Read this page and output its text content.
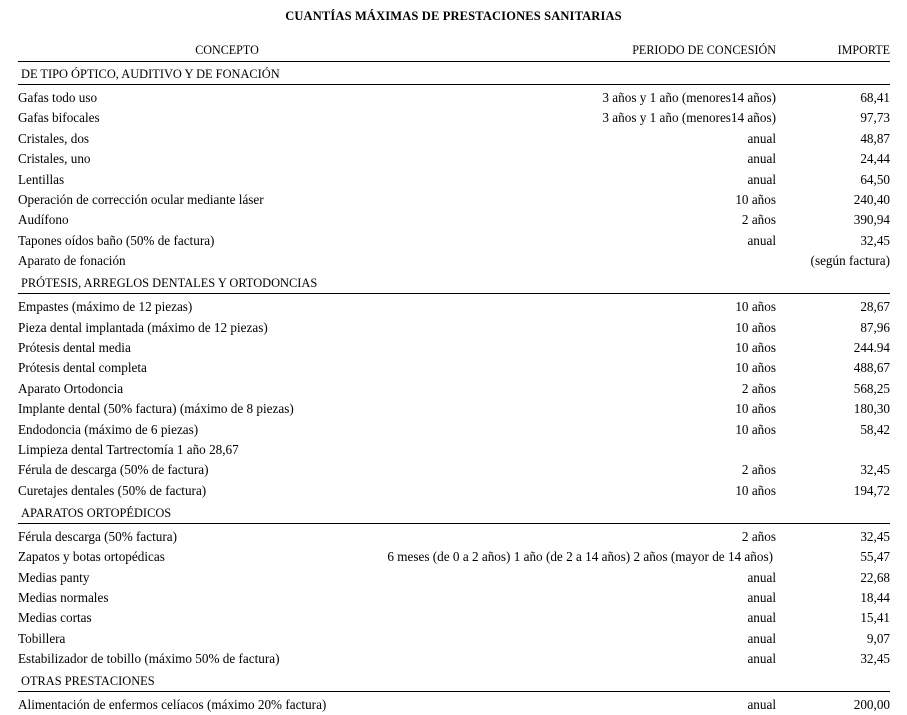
CUANTÍAS MÁXIMAS DE PRESTACIONES SANITARIAS
CONCEPTO	PERIODO DE CONCESIÓN	IMPORTE
DE TIPO ÓPTICO, AUDITIVO Y DE FONACIÓN		
Gafas todo uso	3 años y 1 año (menores14 años)	68,41
Gafas bifocales	3 años y 1 año (menores14 años)	97,73
Cristales, dos	anual	48,87
Cristales, uno	anual	24,44
Lentillas	anual	64,50
Operación de corrección ocular mediante láser	10 años	240,40
Audífono	2 años	390,94
Tapones oídos baño (50% de factura)	anual	32,45
Aparato de fonación		(según factura)
PRÓTESIS, ARREGLOS DENTALES Y ORTODONCIAS		
Empastes (máximo de 12 piezas)	10 años	28,67
Pieza dental implantada (máximo de 12 piezas)	10 años	87,96
Prótesis dental media	10 años	244.94
Prótesis dental completa	10 años	488,67
Aparato Ortodoncia	2 años	568,25
Implante dental (50% factura) (máximo de 8 piezas)	10 años	180,30
Endodoncia (máximo de 6 piezas)	10 años	58,42
Limpieza dental Tartrectomía 1 año 28,67		
Férula de descarga (50% de factura)	2 años	32,45
Curetajes dentales (50% de factura)	10 años	194,72
APARATOS ORTOPÉDICOS		
Férula descarga (50% factura)	2 años	32,45
Zapatos y botas ortopédicas	6 meses (de 0 a 2 años) 1 año (de 2 a 14 años) 2 años (mayor de 14 años)	55,47
Medias panty	anual	22,68
Medias normales	anual	18,44
Medias cortas	anual	15,41
Tobillera	anual	9,07
Estabilizador de tobillo (máximo 50% de factura)	anual	32,45
OTRAS PRESTACIONES		
Alimentación de enfermos celíacos (máximo 20% factura)	anual	200,00
